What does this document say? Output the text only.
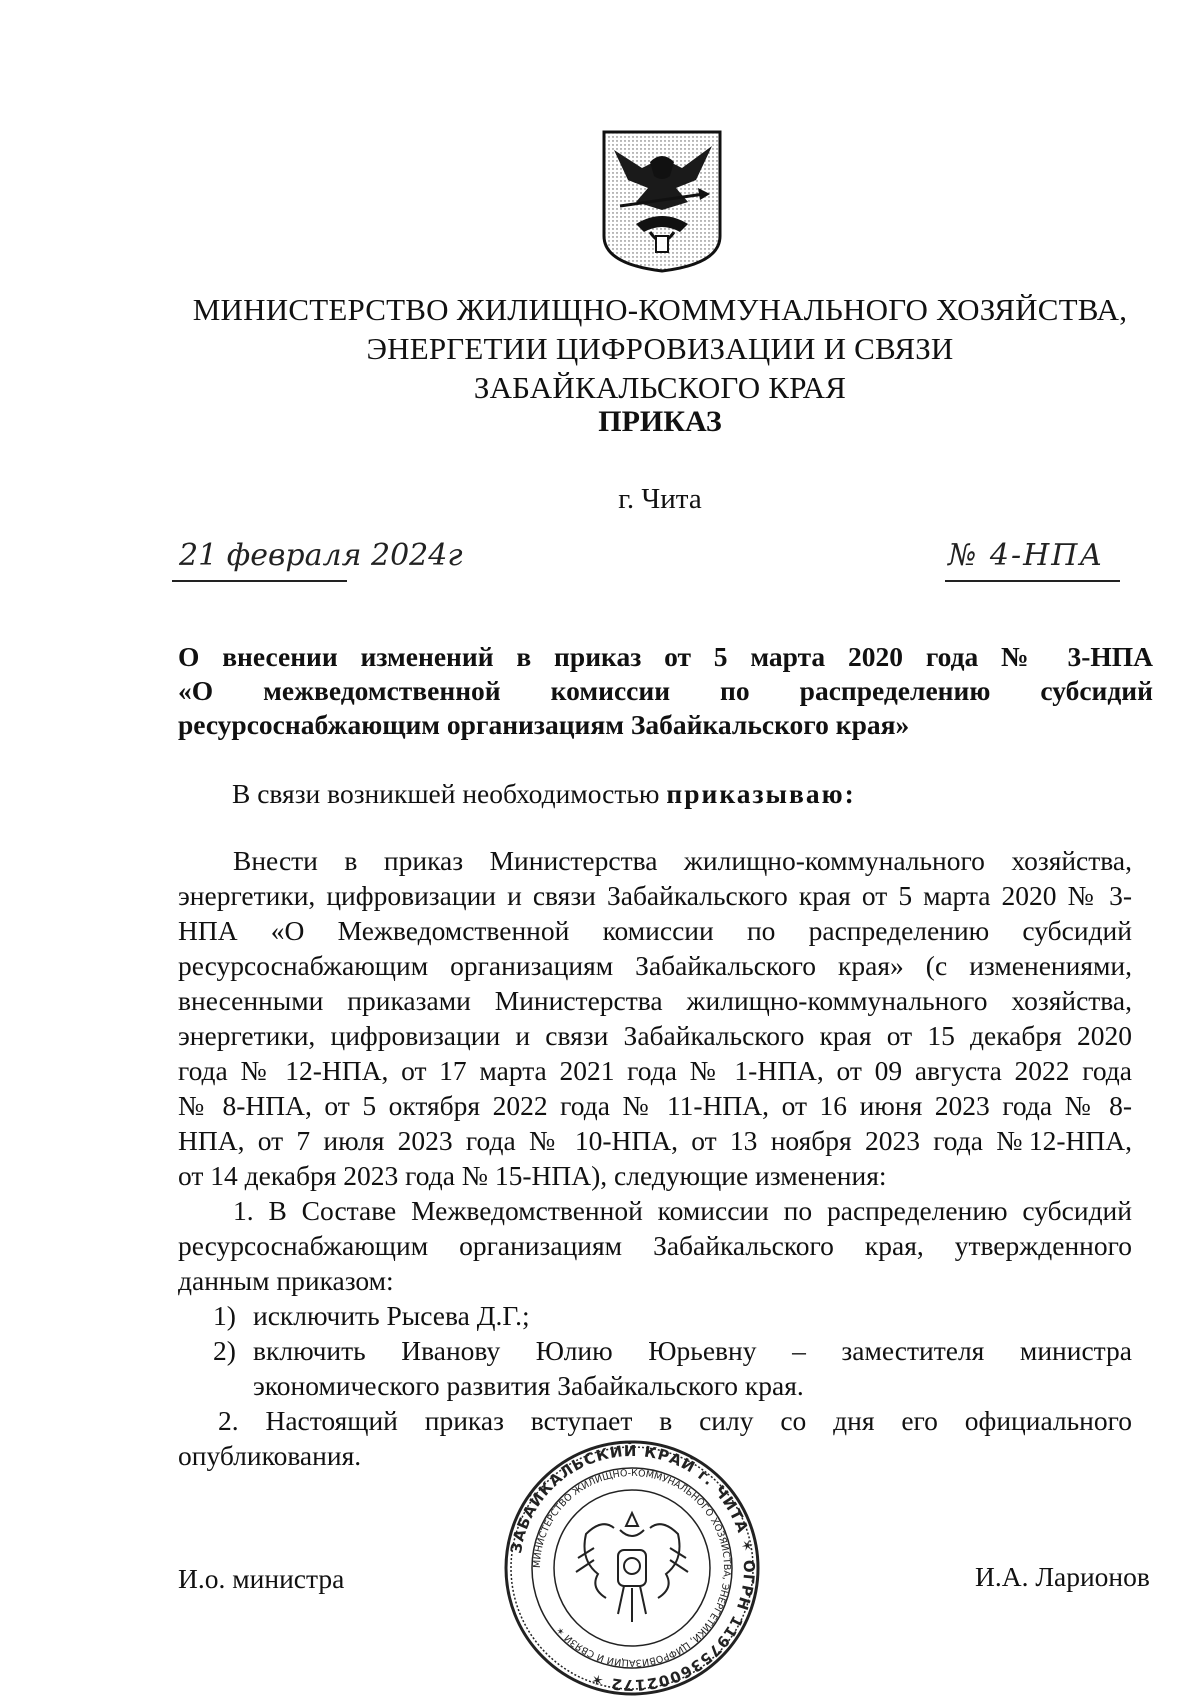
МИНИСТЕРСТВО ЖИЛИЩНО-КОММУНАЛЬНОГО ХОЗЯЙСТВА,
ЭНЕРГЕТИИ ЦИФРОВИЗАЦИИ И СВЯЗИ
ЗАБАЙКАЛЬСКОГО КРАЯ
ПРИКАЗ
г. Чита
21 февраля 2024г	№ 4-НПА
О внесении изменений в приказ от 5 марта 2020 года № 3-НПА
«О межведомственной комиссии по распределению субсидий
ресурсоснабжающим организациям Забайкальского края»
В связи возникшей необходимостью приказываю:

Внести в приказ Министерства жилищно-коммунального хозяйства,
энергетики, цифровизации и связи Забайкальского края от 5 марта 2020 № 3-
НПА «О Межведомственной комиссии по распределению субсидий
ресурсоснабжающим организациям Забайкальского края» (с изменениями,
внесенными приказами Министерства жилищно-коммунального хозяйства,
энергетики, цифровизации и связи Забайкальского края от 15 декабря 2020
года № 12-НПА, от 17 марта 2021 года № 1-НПА, от 09 августа 2022 года
№ 8-НПА, от 5 октября 2022 года № 11-НПА, от 16 июня 2023 года № 8-
НПА, от 7 июля 2023 года № 10-НПА, от 13 ноября 2023 года №12-НПА,
от 14 декабря 2023 года № 15-НПА), следующие изменения:

1. В Составе Межведомственной комиссии по распределению субсидий
ресурсоснабжающим организациям Забайкальского края, утвержденного
данным приказом:

1) исключить Рысева Д.Г.;
2) включить Иванову Юлию Юрьевну – заместителя министра
экономического развития Забайкальского края.

2. Настоящий приказ вступает в силу со дня его официального
опубликования.

И.о. министра	И.А. Ларионов
ЗАБАЙКАЛЬСКИЙ КРАЙ г. ЧИТА ✶ ОГРН 1197536002172 ✶
МИНИСТЕРСТВО ЖИЛИЩНО-КОММУНАЛЬНОГО ХОЗЯЙСТВА, ЭНЕРГЕТИКИ, ЦИФРОВИЗАЦИИ И СВЯЗИ ✶
